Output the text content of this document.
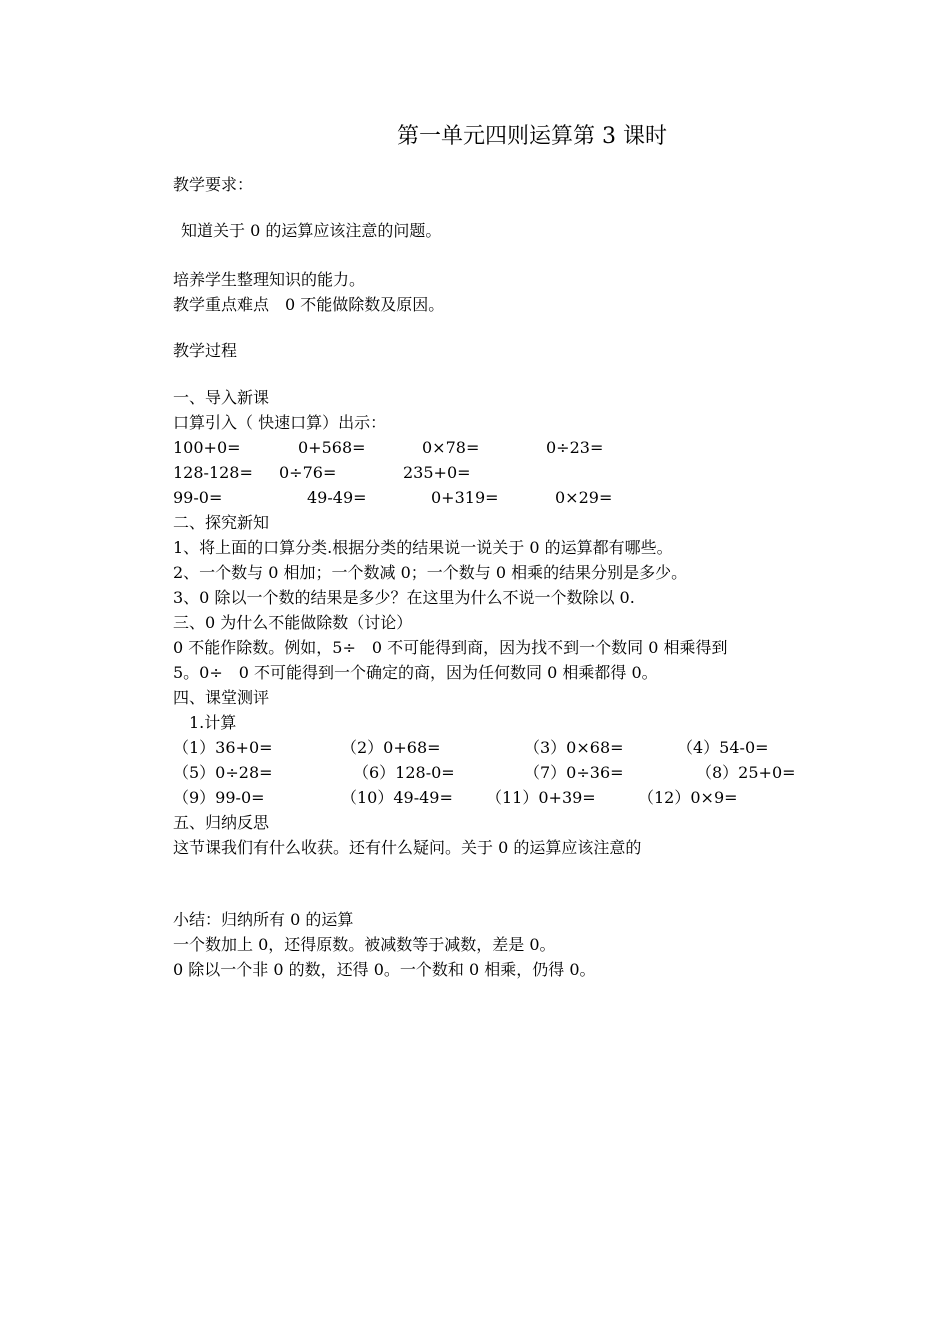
第一单元四则运算第 3 课时
教学要求：
知道关于 0 的运算应该注意的问题。
培养学生整理知识的能力。
教学重点难点　0 不能做除数及原因。
教学过程
一、导入新课
口算引入（ 快速口算）出示：
100+0=	0+568=	0×78=	0÷23=
128-128= 0÷76=	235+0=
99-0=	49-49=	0+319=	0×29=
二、探究新知
1、将上面的口算分类.根据分类的结果说一说关于 0 的运算都有哪些。
2、一个数与 0 相加；一个数减 0；一个数与 0 相乘的结果分别是多少。
3、0 除以一个数的结果是多少？在这里为什么不说一个数除以 0.
三、0 为什么不能做除数（讨论）
0 不能作除数。例如，5÷　0 不可能得到商，因为找不到一个数同 0 相乘得到
5。0÷　0 不可能得到一个确定的商，因为任何数同 0 相乘都得 0。
四、课堂测评
1.计算
（1）36+0=	（2）0+68=	（3）0×68=	（4）54-0=
（5）0÷28=	（6）128-0=	（7）0÷36=	（8）25+0=
（9）99-0=	（10）49-49= （11）0+39=	（12）0×9=
五、归纳反思
这节课我们有什么收获。还有什么疑问。关于 0 的运算应该注意的
小结：归纳所有 0 的运算
一个数加上 0，还得原数。被减数等于减数，差是 0。
0 除以一个非 0 的数，还得 0。一个数和 0 相乘，仍得 0。
